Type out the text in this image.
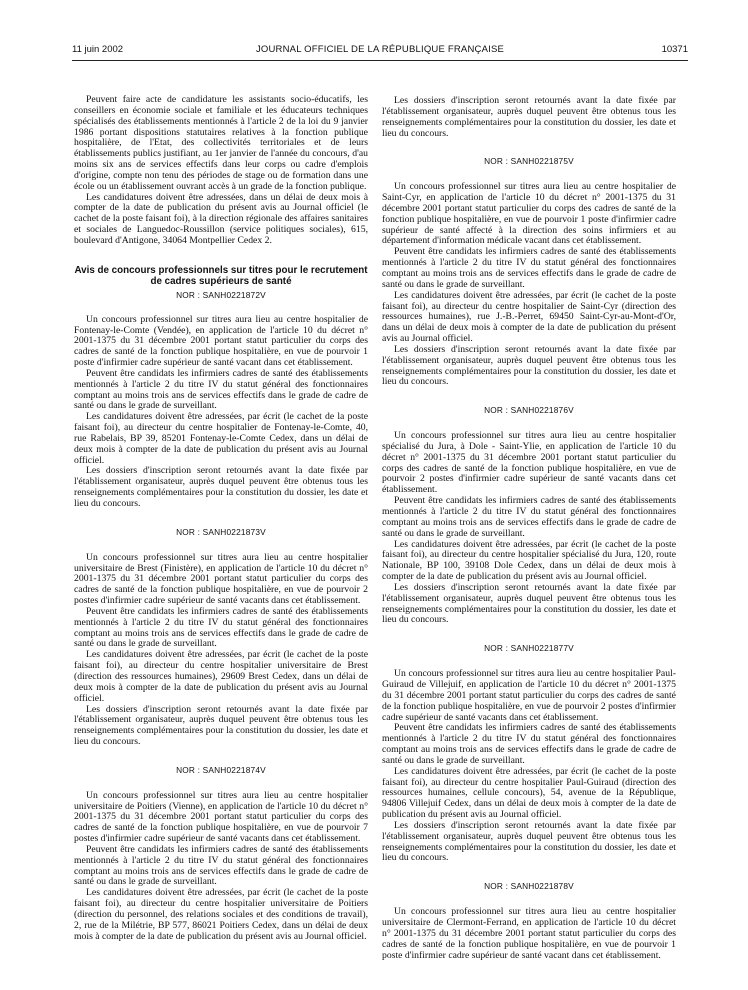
11 juin 2002	JOURNAL OFFICIEL DE LA RÉPUBLIQUE FRANÇAISE	10371

Peuvent faire acte de candidature les assistants socio-éducatifs, les conseillers en économie sociale et familiale et les éducateurs techniques spécialisés des établissements mentionnés à l'article 2 de la loi du 9 janvier 1986 portant dispositions statutaires relatives à la fonction publique hospitalière, de l'Etat, des collectivités territoriales et de leurs établissements publics justifiant, au 1er janvier de l'année du concours, d'au moins six ans de services effectifs dans leur corps ou cadre d'emplois d'origine, compte non tenu des périodes de stage ou de formation dans une école ou un établissement ouvrant accès à un grade de la fonction publique.

Les candidatures doivent être adressées, dans un délai de deux mois à compter de la date de publication du présent avis au Journal officiel (le cachet de la poste faisant foi), à la direction régionale des affaires sanitaires et sociales de Languedoc-Roussillon (service politiques sociales), 615, boulevard d'Antigone, 34064 Montpellier Cedex 2.

Avis de concours professionnels sur titres pour le recrutement de cadres supérieurs de santé
NOR : SANH0221872V

Un concours professionnel sur titres aura lieu au centre hospitalier de Fontenay-le-Comte (Vendée), en application de l'article 10 du décret n° 2001-1375 du 31 décembre 2001 portant statut particulier du corps des cadres de santé de la fonction publique hospitalière, en vue de pourvoir 1 poste d'infirmier cadre supérieur de santé vacant dans cet établissement.

Peuvent être candidats les infirmiers cadres de santé des établissements mentionnés à l'article 2 du titre IV du statut général des fonctionnaires comptant au moins trois ans de services effectifs dans le grade de cadre de santé ou dans le grade de surveillant.

Les candidatures doivent être adressées, par écrit (le cachet de la poste faisant foi), au directeur du centre hospitalier de Fontenay-le-Comte, 40, rue Rabelais, BP 39, 85201 Fontenay-le-Comte Cedex, dans un délai de deux mois à compter de la date de publication du présent avis au Journal officiel.

Les dossiers d'inscription seront retournés avant la date fixée par l'établissement organisateur, auprès duquel peuvent être obtenus tous les renseignements complémentaires pour la constitution du dossier, les date et lieu du concours.

NOR : SANH0221873V

Un concours professionnel sur titres aura lieu au centre hospitalier universitaire de Brest (Finistère), en application de l'article 10 du décret n° 2001-1375 du 31 décembre 2001 portant statut particulier du corps des cadres de santé de la fonction publique hospitalière, en vue de pourvoir 2 postes d'infirmier cadre supérieur de santé vacants dans cet établissement.

Peuvent être candidats les infirmiers cadres de santé des établissements mentionnés à l'article 2 du titre IV du statut général des fonctionnaires comptant au moins trois ans de services effectifs dans le grade de cadre de santé ou dans le grade de surveillant.

Les candidatures doivent être adressées, par écrit (le cachet de la poste faisant foi), au directeur du centre hospitalier universitaire de Brest (direction des ressources humaines), 29609 Brest Cedex, dans un délai de deux mois à compter de la date de publication du présent avis au Journal officiel.

Les dossiers d'inscription seront retournés avant la date fixée par l'établissement organisateur, auprès duquel peuvent être obtenus tous les renseignements complémentaires pour la constitution du dossier, les date et lieu du concours.

NOR : SANH0221874V

Un concours professionnel sur titres aura lieu au centre hospitalier universitaire de Poitiers (Vienne), en application de l'article 10 du décret n° 2001-1375 du 31 décembre 2001 portant statut particulier du corps des cadres de santé de la fonction publique hospitalière, en vue de pourvoir 7 postes d'infirmier cadre supérieur de santé vacants dans cet établissement.

Peuvent être candidats les infirmiers cadres de santé des établissements mentionnés à l'article 2 du titre IV du statut général des fonctionnaires comptant au moins trois ans de services effectifs dans le grade de cadre de santé ou dans le grade de surveillant.

Les candidatures doivent être adressées, par écrit (le cachet de la poste faisant foi), au directeur du centre hospitalier universitaire de Poitiers (direction du personnel, des relations sociales et des conditions de travail), 2, rue de la Milétrie, BP 577, 86021 Poitiers Cedex, dans un délai de deux mois à compter de la date de publication du présent avis au Journal officiel.

Les dossiers d'inscription seront retournés avant la date fixée par l'établissement organisateur, auprès duquel peuvent être obtenus tous les renseignements complémentaires pour la constitution du dossier, les date et lieu du concours.

NOR : SANH0221875V

Un concours professionnel sur titres aura lieu au centre hospitalier de Saint-Cyr, en application de l'article 10 du décret n° 2001-1375 du 31 décembre 2001 portant statut particulier du corps des cadres de santé de la fonction publique hospitalière, en vue de pourvoir 1 poste d'infirmier cadre supérieur de santé affecté à la direction des soins infirmiers et au département d'information médicale vacant dans cet établissement.

Peuvent être candidats les infirmiers cadres de santé des établissements mentionnés à l'article 2 du titre IV du statut général des fonctionnaires comptant au moins trois ans de services effectifs dans le grade de cadre de santé ou dans le grade de surveillant.

Les candidatures doivent être adressées, par écrit (le cachet de la poste faisant foi), au directeur du centre hospitalier de Saint-Cyr (direction des ressources humaines), rue J.-B.-Perret, 69450 Saint-Cyr-au-Mont-d'Or, dans un délai de deux mois à compter de la date de publication du présent avis au Journal officiel.

Les dossiers d'inscription seront retournés avant la date fixée par l'établissement organisateur, auprès duquel peuvent être obtenus tous les renseignements complémentaires pour la constitution du dossier, les date et lieu du concours.

NOR : SANH0221876V

Un concours professionnel sur titres aura lieu au centre hospitalier spécialisé du Jura, à Dole - Saint-Ylie, en application de l'article 10 du décret n° 2001-1375 du 31 décembre 2001 portant statut particulier du corps des cadres de santé de la fonction publique hospitalière, en vue de pourvoir 2 postes d'infirmier cadre supérieur de santé vacants dans cet établissement.

Peuvent être candidats les infirmiers cadres de santé des établissements mentionnés à l'article 2 du titre IV du statut général des fonctionnaires comptant au moins trois ans de services effectifs dans le grade de cadre de santé ou dans le grade de surveillant.

Les candidatures doivent être adressées, par écrit (le cachet de la poste faisant foi), au directeur du centre hospitalier spécialisé du Jura, 120, route Nationale, BP 100, 39108 Dole Cedex, dans un délai de deux mois à compter de la date de publication du présent avis au Journal officiel.

Les dossiers d'inscription seront retournés avant la date fixée par l'établissement organisateur, auprès duquel peuvent être obtenus tous les renseignements complémentaires pour la constitution du dossier, les date et lieu du concours.

NOR : SANH0221877V

Un concours professionnel sur titres aura lieu au centre hospitalier Paul-Guiraud de Villejuif, en application de l'article 10 du décret n° 2001-1375 du 31 décembre 2001 portant statut particulier du corps des cadres de santé de la fonction publique hospitalière, en vue de pourvoir 2 postes d'infirmier cadre supérieur de santé vacants dans cet établissement.

Peuvent être candidats les infirmiers cadres de santé des établissements mentionnés à l'article 2 du titre IV du statut général des fonctionnaires comptant au moins trois ans de services effectifs dans le grade de cadre de santé ou dans le grade de surveillant.

Les candidatures doivent être adressées, par écrit (le cachet de la poste faisant foi), au directeur du centre hospitalier Paul-Guiraud (direction des ressources humaines, cellule concours), 54, avenue de la République, 94806 Villejuif Cedex, dans un délai de deux mois à compter de la date de publication du présent avis au Journal officiel.

Les dossiers d'inscription seront retournés avant la date fixée par l'établissement organisateur, auprès duquel peuvent être obtenus tous les renseignements complémentaires pour la constitution du dossier, les date et lieu du concours.

NOR : SANH0221878V

Un concours professionnel sur titres aura lieu au centre hospitalier universitaire de Clermont-Ferrand, en application de l'article 10 du décret n° 2001-1375 du 31 décembre 2001 portant statut particulier du corps des cadres de santé de la fonction publique hospitalière, en vue de pourvoir 1 poste d'infirmier cadre supérieur de santé vacant dans cet établissement.
